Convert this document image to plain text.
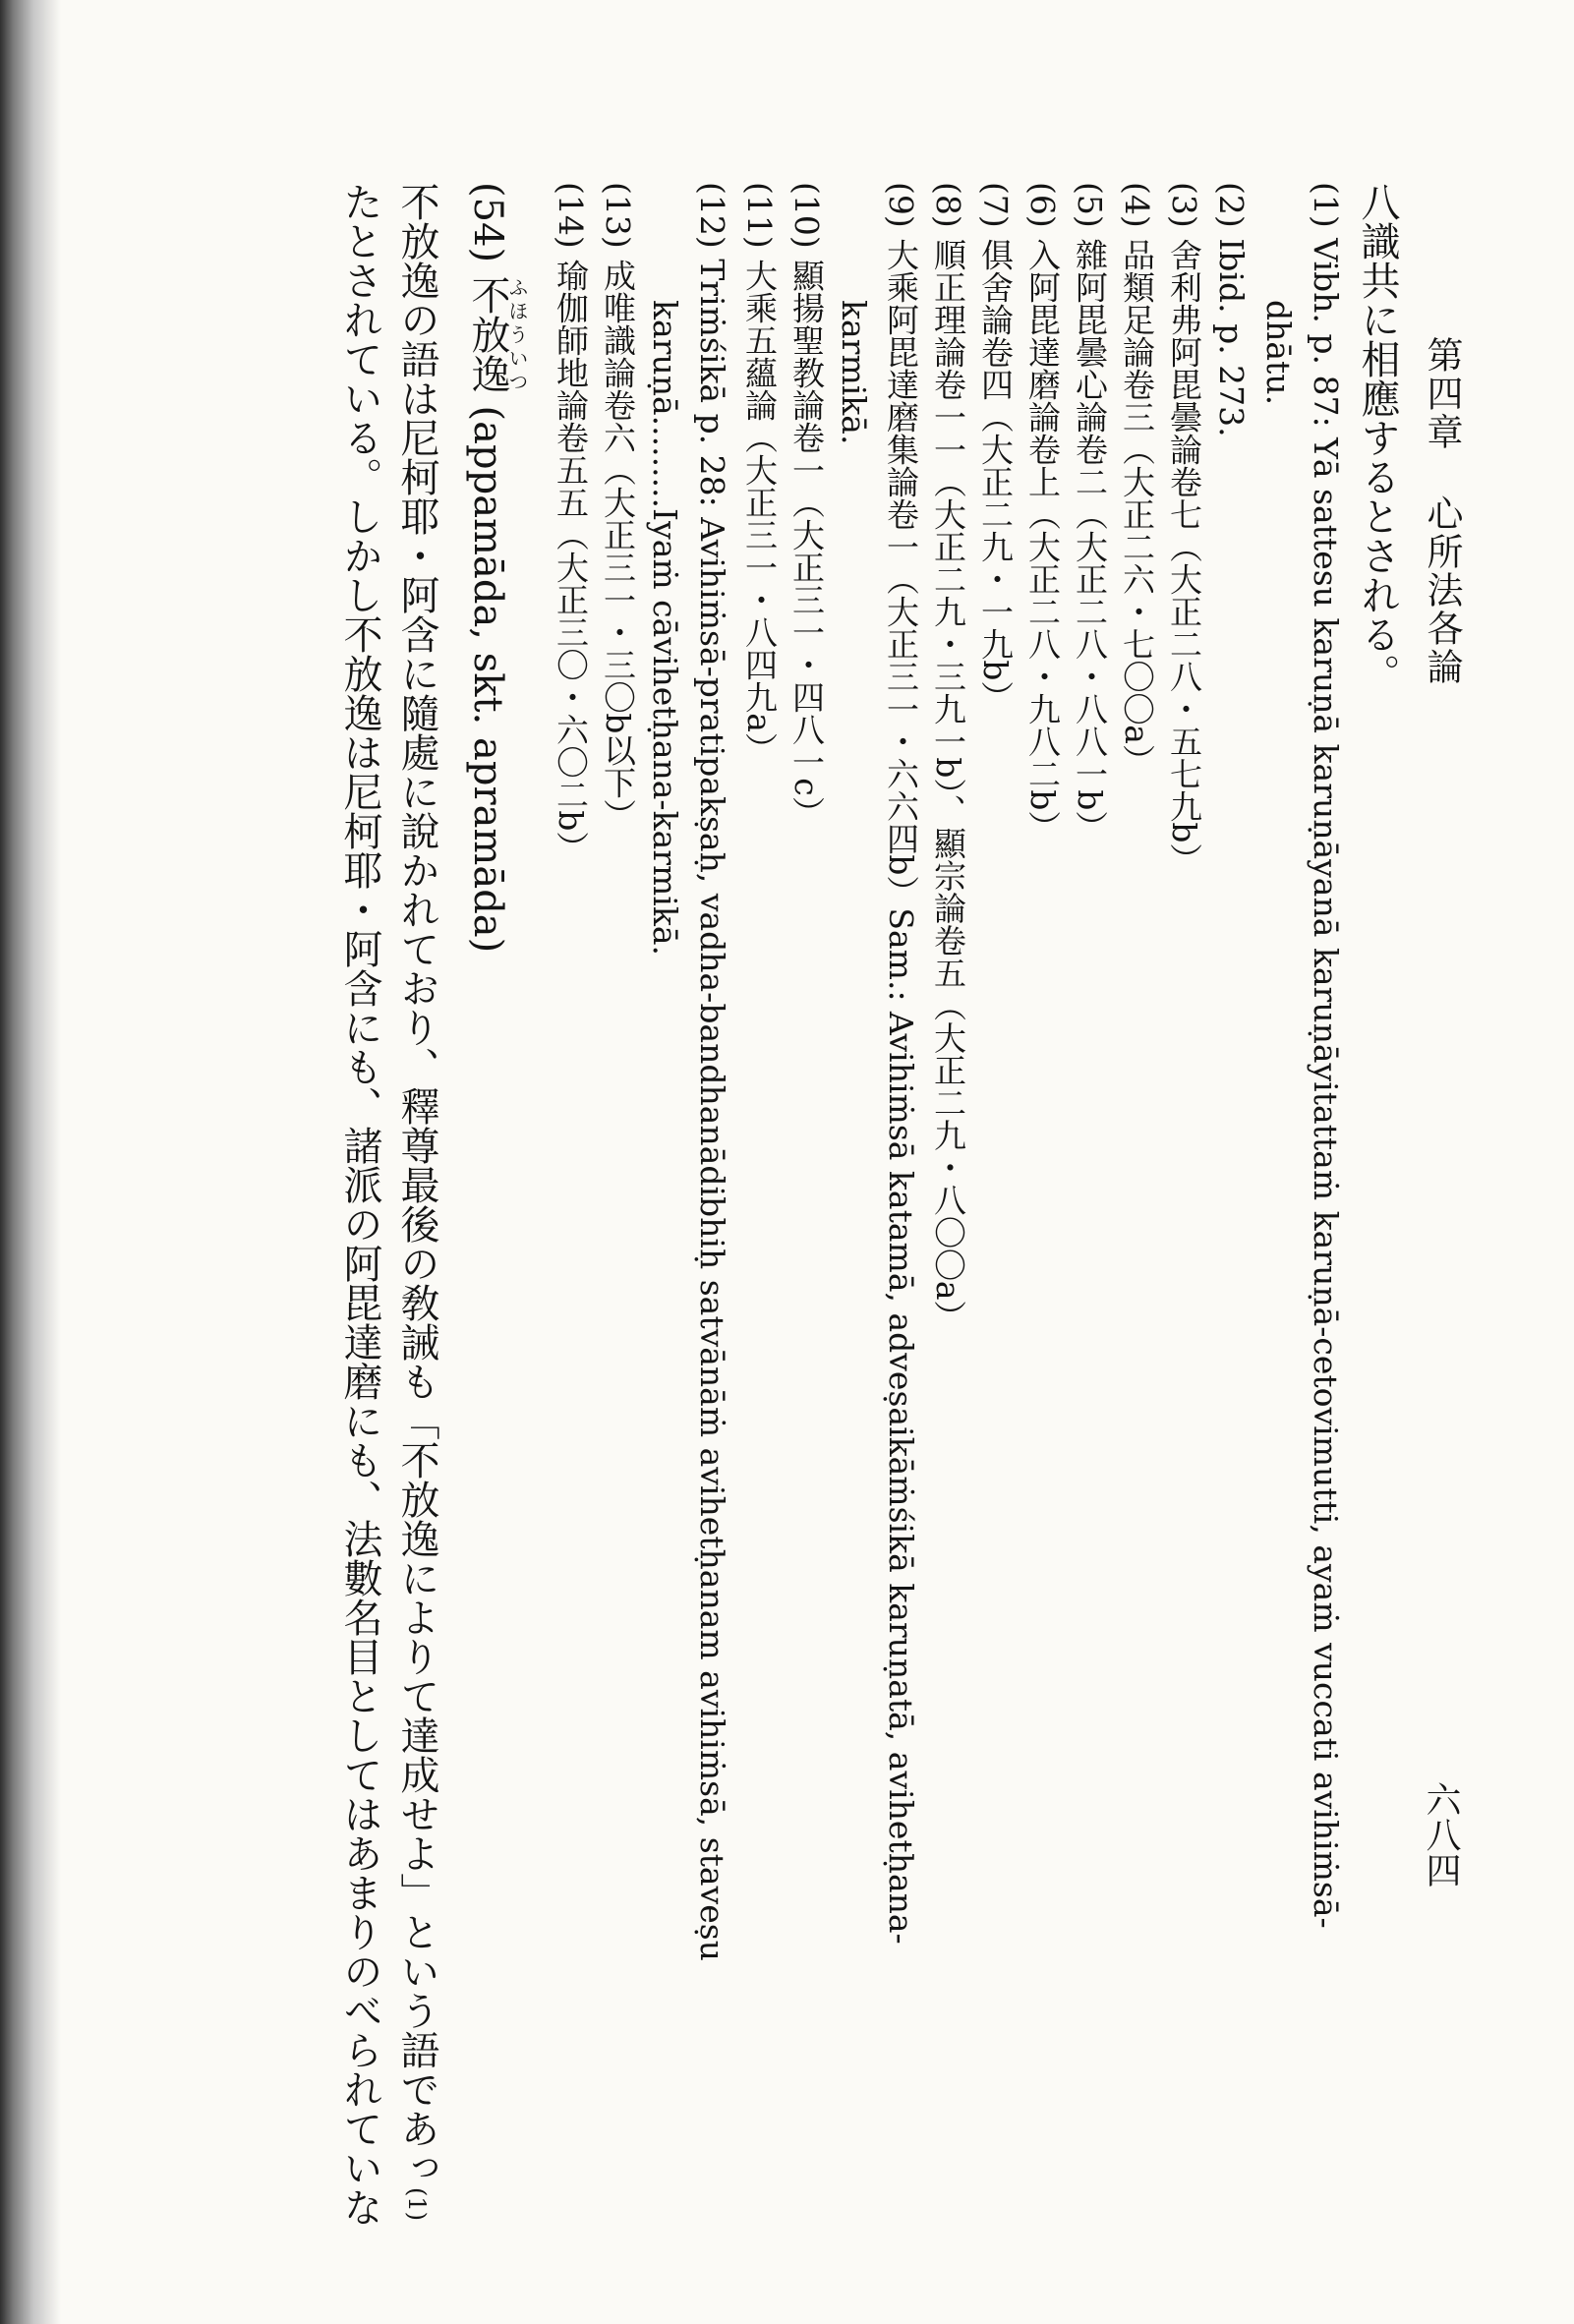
第四章 心所法各論
六八四
八識共に相應するとされる。
(1) Vibh. p. 87: Yā sattesu karuṇā karuṇāyanā karuṇāyitattaṁ karuṇā-cetovimutti, ayaṁ vuccati avihiṁsā-
dhātu.
(2) Ibid. p. 273.
(3) 舍利弗阿毘曇論卷七（大正二八・五七九b）
(4) 品類足論卷三（大正二六・七〇〇a）
(5) 雜阿毘曇心論卷二（大正二八・八八一b）
(6) 入阿毘達磨論卷上（大正二八・九八二b）
(7) 俱舍論卷四（大正二九・一九b）
(8) 順正理論卷一一（大正二九・三九一b）、顯宗論卷五（大正二九・八〇〇a）
(9) 大乘阿毘達磨集論卷一（大正三一・六六四b）Sam.: Avihiṁsā katamā, adveṣaikāṁśikā karuṇatā, avihetḥana-
karmikā.
(10) 顯揚聖教論卷一（大正三一・四八一c）
(11) 大乘五蘊論（大正三一・八四九a）
(12) Triṁśikā p. 28: Avihiṁsā-pratipakṣaḥ, vadha-bandhanādibhiḥ satvānāṁ avihetḥanam avihiṁsā, staveṣu
karuṇā.........Iyaṁ cāvihetḥana-karmikā.
(13) 成唯識論卷六（大正三一・三〇b以下）
(14) 瑜伽師地論卷五五（大正三〇・六〇二b）
(54) 不放逸ふほういつ (appamāda, skt. apramāda)
不放逸の語は尼柯耶・阿含に隨處に說かれており、釋尊最後の敎誡も「不放逸によりて達成せよ」という語であっ(1)
たとされている。しかし不放逸は尼柯耶・阿含にも、諸派の阿毘達磨にも、法數名目としてはあまりのべられていな
